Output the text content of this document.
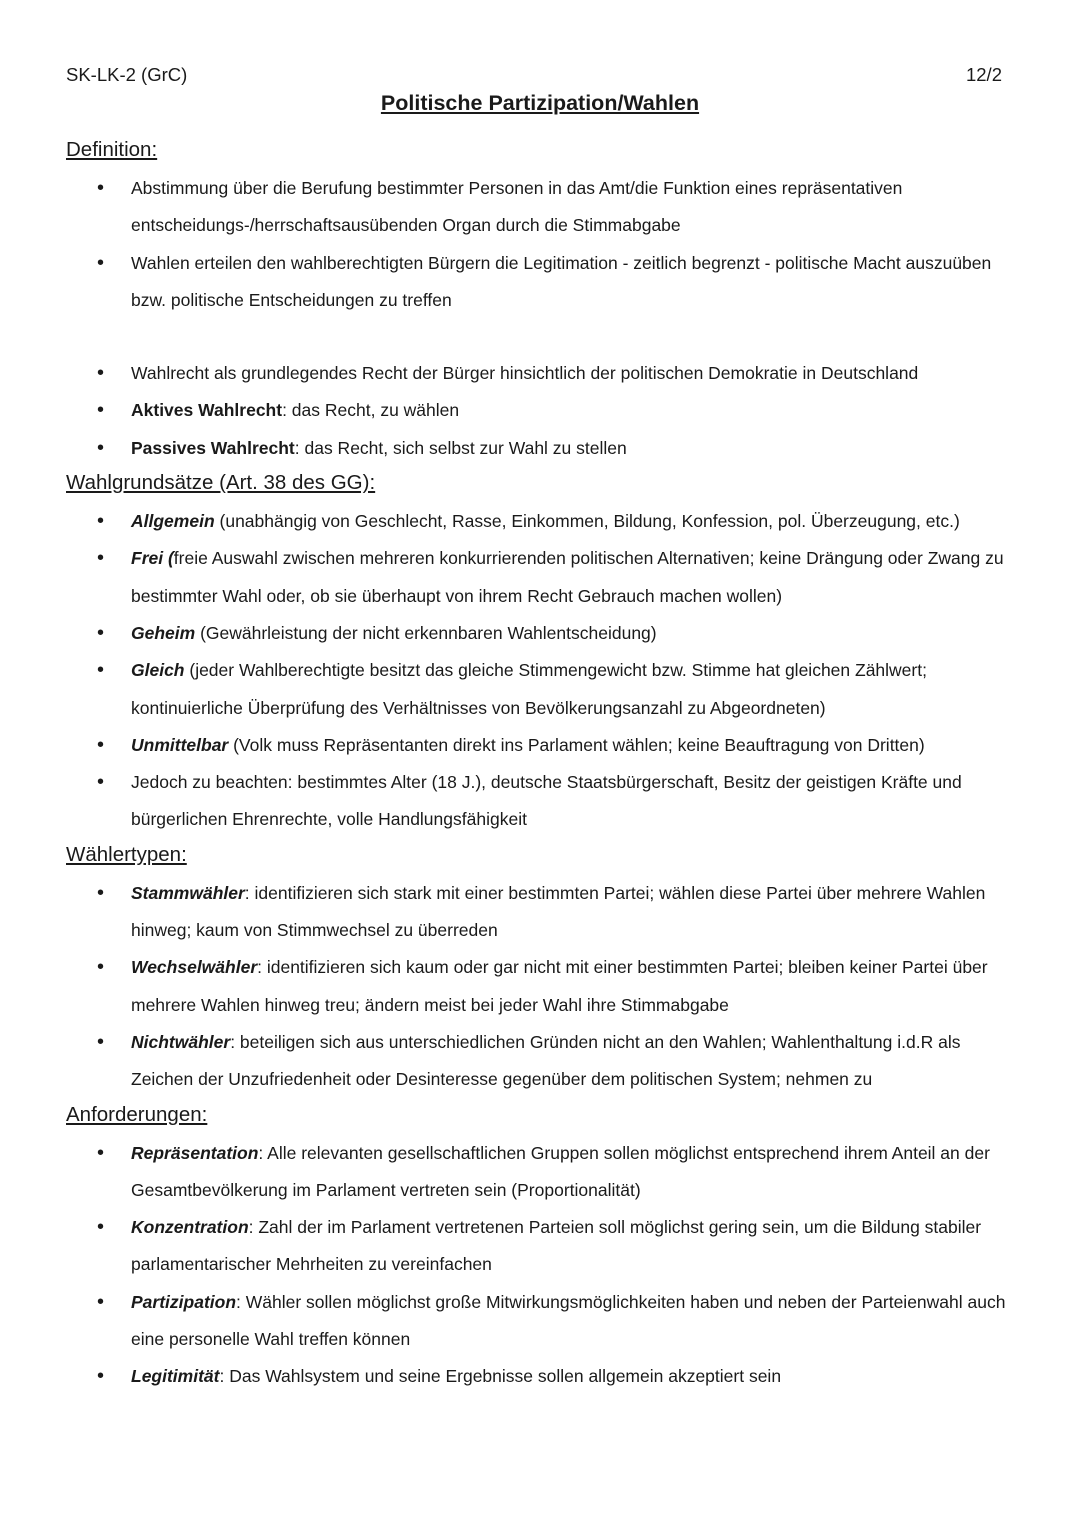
SK-LK-2 (GrC)	12/2
Politische Partizipation/Wahlen
Definition:
• Abstimmung über die Berufung bestimmter Personen in das Amt/die Funktion eines repräsentativen entscheidungs-/herrschaftsausübenden Organ durch die Stimmabgabe
• Wahlen erteilen den wahlberechtigten Bürgern die Legitimation - zeitlich begrenzt - politische Macht auszuüben bzw. politische Entscheidungen zu treffen
• Wahlrecht als grundlegendes Recht der Bürger hinsichtlich der politischen Demokratie in Deutschland
• Aktives Wahlrecht: das Recht, zu wählen
• Passives Wahlrecht: das Recht, sich selbst zur Wahl zu stellen
Wahlgrundsätze (Art. 38 des GG):
• Allgemein (unabhängig von Geschlecht, Rasse, Einkommen, Bildung, Konfession, pol. Überzeugung, etc.)
• Frei (freie Auswahl zwischen mehreren konkurrierenden politischen Alternativen; keine Drängung oder Zwang zu bestimmter Wahl oder, ob sie überhaupt von ihrem Recht Gebrauch machen wollen)
• Geheim (Gewährleistung der nicht erkennbaren Wahlentscheidung)
• Gleich (jeder Wahlberechtigte besitzt das gleiche Stimmengewicht bzw. Stimme hat gleichen Zählwert; kontinuierliche Überprüfung des Verhältnisses von Bevölkerungsanzahl zu Abgeordneten)
• Unmittelbar (Volk muss Repräsentanten direkt ins Parlament wählen; keine Beauftragung von Dritten)
• Jedoch zu beachten: bestimmtes Alter (18 J.), deutsche Staatsbürgerschaft, Besitz der geistigen Kräfte und bürgerlichen Ehrenrechte, volle Handlungsfähigkeit
Wählertypen:
• Stammwähler: identifizieren sich stark mit einer bestimmten Partei; wählen diese Partei über mehrere Wahlen hinweg; kaum von Stimmwechsel zu überreden
• Wechselwähler: identifizieren sich kaum oder gar nicht mit einer bestimmten Partei; bleiben keiner Partei über mehrere Wahlen hinweg treu; ändern meist bei jeder Wahl ihre Stimmabgabe
• Nichtwähler: beteiligen sich aus unterschiedlichen Gründen nicht an den Wahlen; Wahlenthaltung i.d.R als Zeichen der Unzufriedenheit oder Desinteresse gegenüber dem politischen System; nehmen zu
Anforderungen:
• Repräsentation: Alle relevanten gesellschaftlichen Gruppen sollen möglichst entsprechend ihrem Anteil an der Gesamtbevölkerung im Parlament vertreten sein (Proportionalität)
• Konzentration: Zahl der im Parlament vertretenen Parteien soll möglichst gering sein, um die Bildung stabiler parlamentarischer Mehrheiten zu vereinfachen
• Partizipation: Wähler sollen möglichst große Mitwirkungsmöglichkeiten haben und neben der Parteienwahl auch eine personelle Wahl treffen können
• Legitimität: Das Wahlsystem und seine Ergebnisse sollen allgemein akzeptiert sein
